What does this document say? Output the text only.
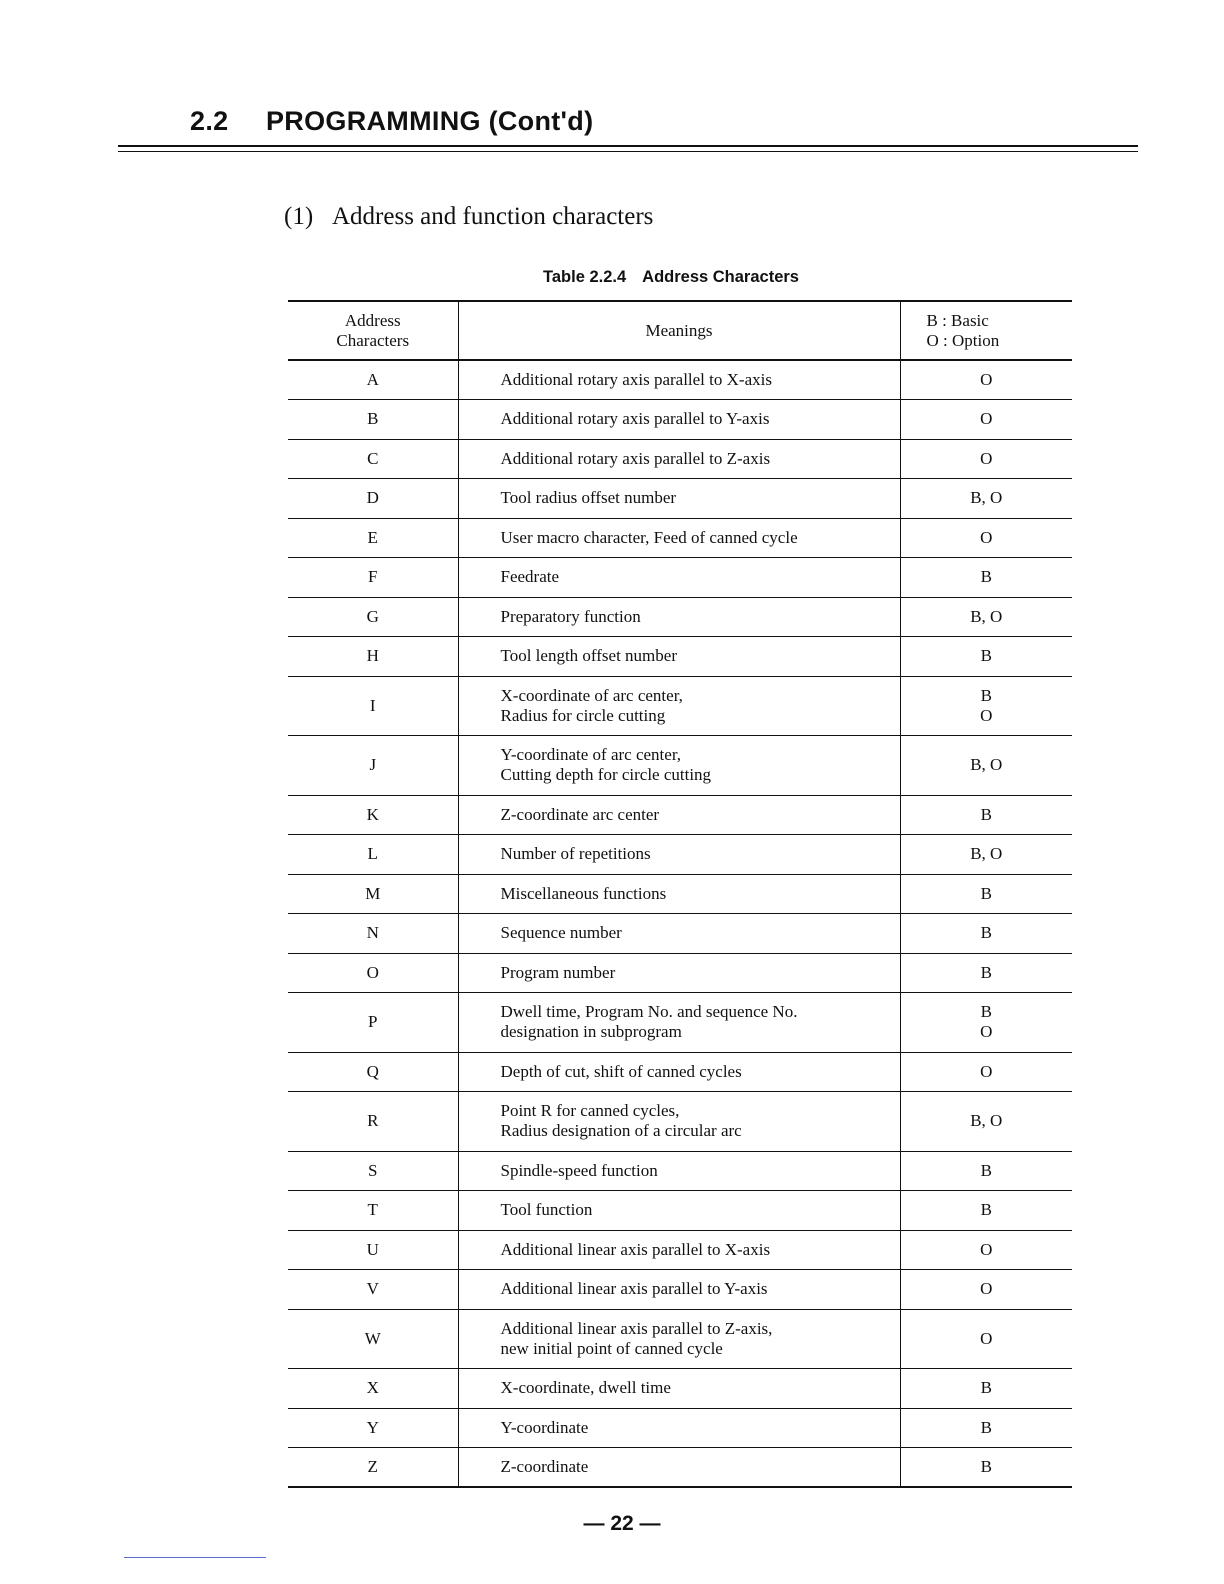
2.2 PROGRAMMING (Cont'd)
(1) Address and function characters
Table 2.2.4 Address Characters
Address
Characters	Meanings	B : Basic
O : Option

A	Additional rotary axis parallel to X-axis	O

B	Additional rotary axis parallel to Y-axis	O

C	Additional rotary axis parallel to Z-axis	O

D	Tool radius offset number	B, O

E	User macro character, Feed of canned cycle	O

F	Feedrate	B

G	Preparatory function	B, O

H	Tool length offset number	B

I	X-coordinate of arc center,
Radius for circle cutting	B
O

J	Y-coordinate of arc center,
Cutting depth for circle cutting	B, O

K	Z-coordinate arc center	B

L	Number of repetitions	B, O

M	Miscellaneous functions	B

N	Sequence number	B

O	Program number	B

P	Dwell time, Program No. and sequence No.
designation in subprogram	B
O

Q	Depth of cut, shift of canned cycles	O

R	Point R for canned cycles,
Radius designation of a circular arc	B, O

S	Spindle-speed function	B

T	Tool function	B

U	Additional linear axis parallel to X-axis	O

V	Additional linear axis parallel to Y-axis	O

W	Additional linear axis parallel to Z-axis,
new initial point of canned cycle	O

X	X-coordinate, dwell time	B

Y	Y-coordinate	B

Z	Z-coordinate	B
— 22 —
